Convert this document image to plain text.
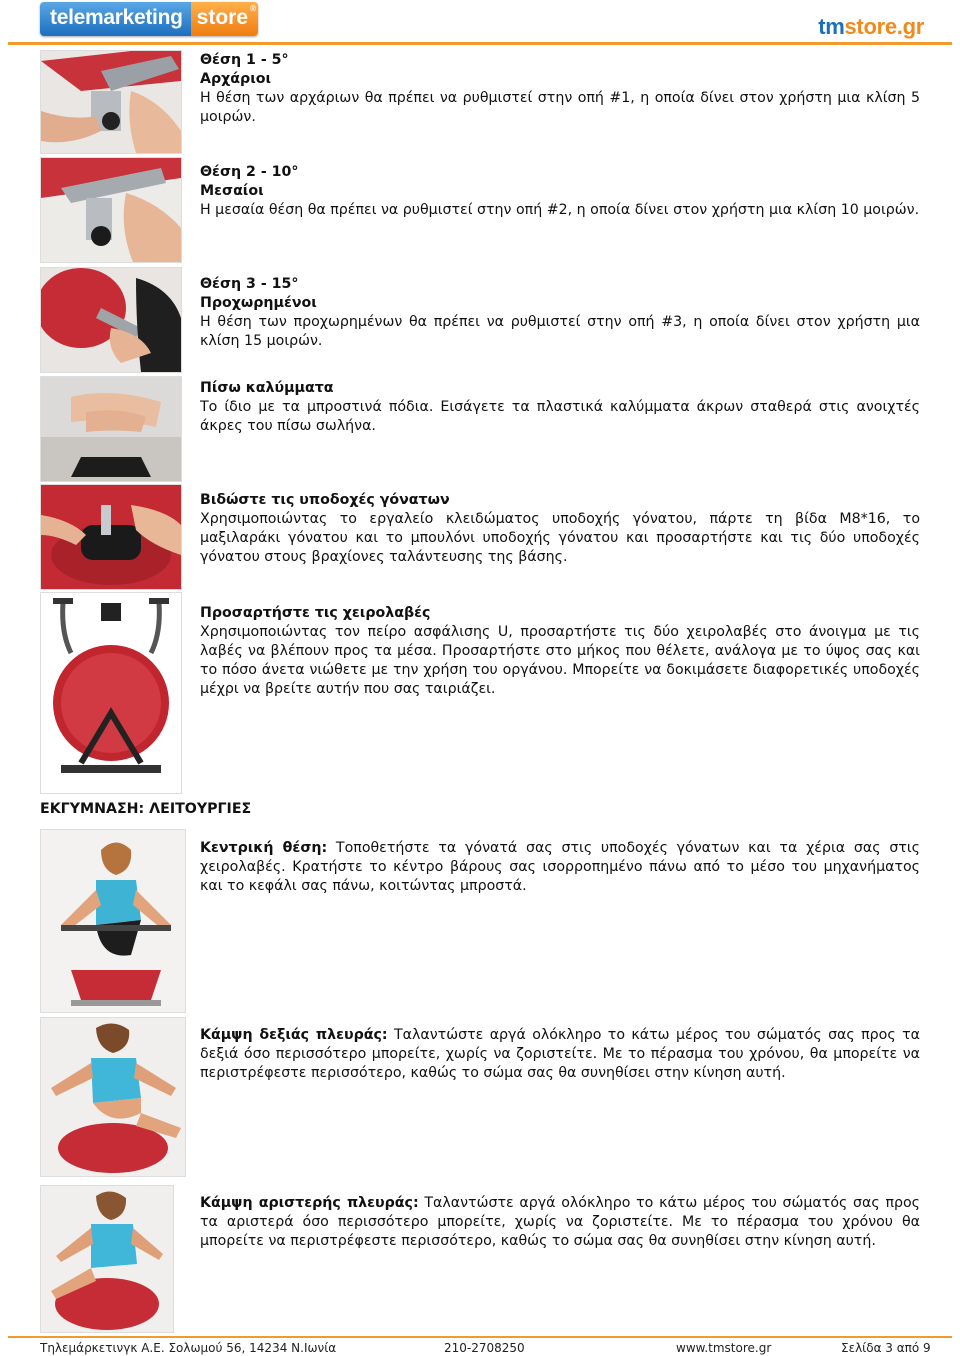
telemarketing store ®
tmstore.gr

Θέση 1 - 5°

Αρχάριοι

Η θέση των αρχάριων θα πρέπει να ρυθμιστεί στην οπή #1, η οποία δίνει στον χρήστη μια κλίση 5 μοιρών.

Θέση 2 - 10°

Μεσαίοι

Η μεσαία θέση θα πρέπει να ρυθμιστεί στην οπή #2, η οποία δίνει στον χρήστη μια κλίση 10 μοιρών.

Θέση 3 - 15°

Προχωρημένοι

Η θέση των προχωρημένων θα πρέπει να ρυθμιστεί στην οπή #3, η οποία δίνει στον χρήστη μια κλίση 15 μοιρών.

Πίσω καλύμματα

Το ίδιο με τα μπροστινά πόδια. Εισάγετε τα πλαστικά καλύμματα άκρων σταθερά στις ανοιχτές άκρες του πίσω σωλήνα.

Βιδώστε τις υποδοχές γόνατων

Χρησιμοποιώντας το εργαλείο κλειδώματος υποδοχής γόνατου, πάρτε τη βίδα M8*16, το μαξιλαράκι γόνατου και το μπουλόνι υποδοχής γόνατου και προσαρτήστε και τις δύο υποδοχές γόνατου στους βραχίονες ταλάντευσης της βάσης.

Προσαρτήστε τις χειρολαβές

Χρησιμοποιώντας τον πείρο ασφάλισης U, προσαρτήστε τις δύο χειρολαβές στο άνοιγμα με τις λαβές να βλέπουν προς τα μέσα. Προσαρτήστε στο μήκος που θέλετε, ανάλογα με το ύψος σας και το πόσο άνετα νιώθετε με την χρήση του οργάνου. Μπορείτε να δοκιμάσετε διαφορετικές υποδοχές μέχρι να βρείτε αυτήν που σας ταιριάζει.

ΕΚΓΥΜΝΑΣΗ: ΛΕΙΤΟΥΡΓΙΕΣ

Κεντρική θέση: Τοποθετήστε τα γόνατά σας στις υποδοχές γόνατων και τα χέρια σας στις χειρολαβές. Κρατήστε το κέντρο βάρους σας ισορροπημένο πάνω από το μέσο του μηχανήματος και το κεφάλι σας πάνω, κοιτώντας μπροστά.

Κάμψη δεξιάς πλευράς: Ταλαντώστε αργά ολόκληρο το κάτω μέρος του σώματός σας προς τα δεξιά όσο περισσότερο μπορείτε, χωρίς να ζοριστείτε. Με το πέρασμα του χρόνου, θα μπορείτε να περιστρέφεστε περισσότερο, καθώς το σώμα σας θα συνηθίσει στην κίνηση αυτή.

Κάμψη αριστερής πλευράς: Ταλαντώστε αργά ολόκληρο το κάτω μέρος του σώματός σας προς τα αριστερά όσο περισσότερο μπορείτε, χωρίς να ζοριστείτε. Με το πέρασμα του χρόνου θα μπορείτε να περιστρέφεστε περισσότερο, καθώς το σώμα σας θα συνηθίσει στην κίνηση αυτή.

Τηλεμάρκετινγκ Α.Ε. Σολωμού 56, 14234 Ν.Ιωνία	210-2708250	www.tmstore.gr	Σελίδα 3 από 9
